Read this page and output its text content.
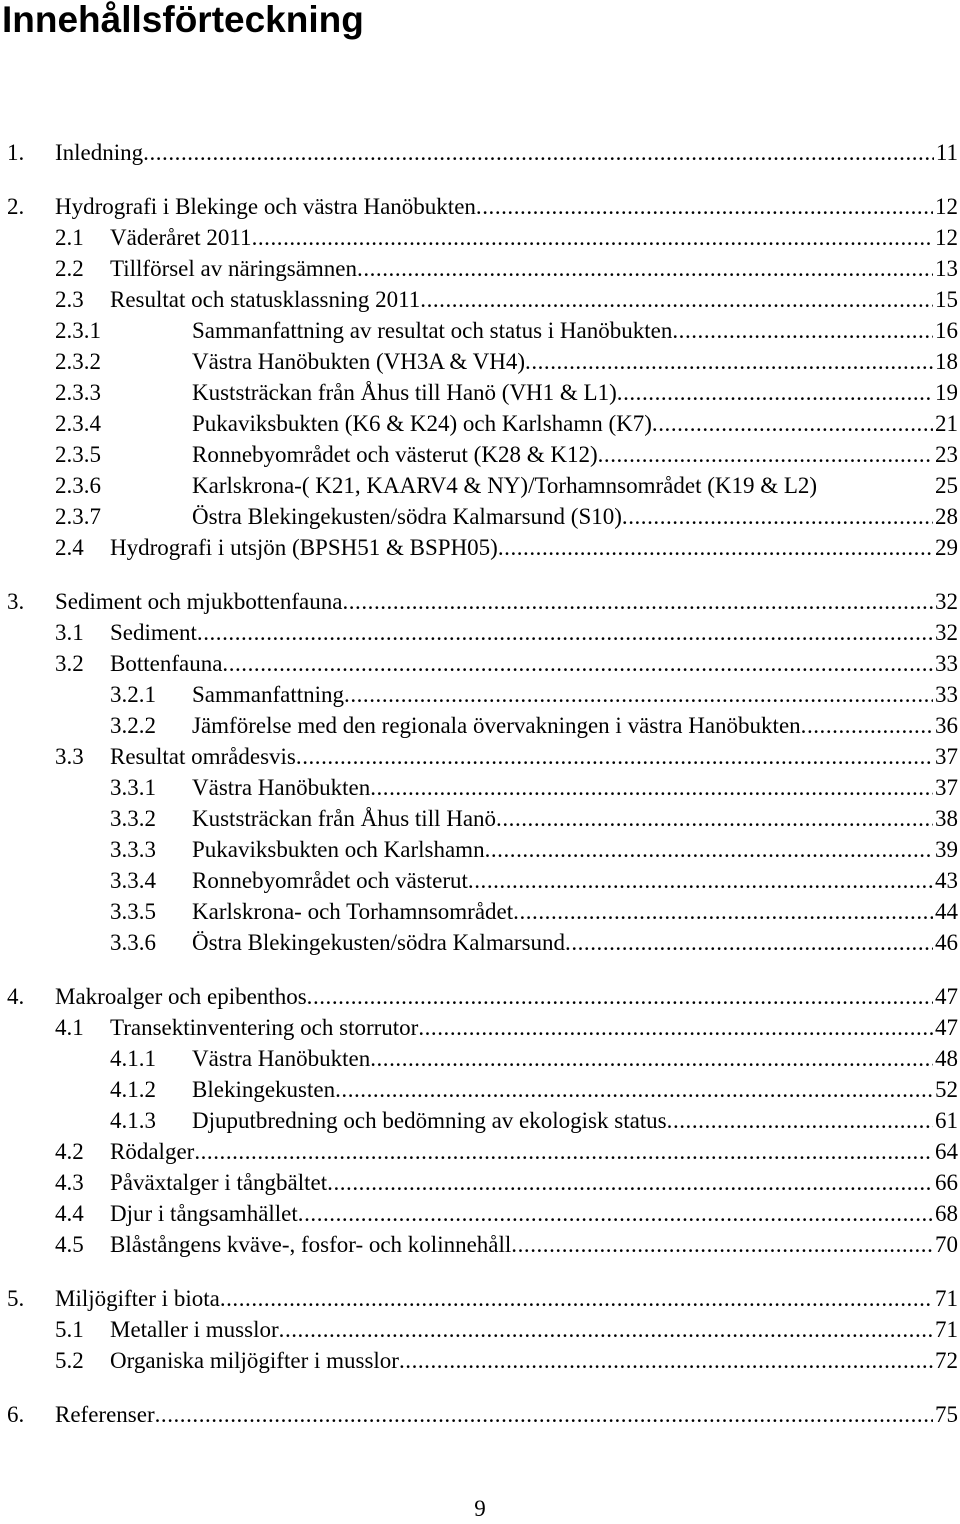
Innehållsförteckning
1. Inledning . . .	11
2. Hydrografi i Blekinge och västra Hanöbukten . . .	12
2.1 Väderåret 2011 . . .	12
2.2 Tillförsel av näringsämnen . . .	13
2.3 Resultat och statusklassning 2011 . . .	15
2.3.1	Sammanfattning av resultat och status i Hanöbukten . . .	16
2.3.2	Västra Hanöbukten (VH3A & VH4) . . .	18
2.3.3	Kuststräckan från Åhus till Hanö (VH1 & L1) . . .	19
2.3.4	Pukaviksbukten (K6 & K24) och Karlshamn (K7) . . .	21
2.3.5	Ronnebyområdet och västerut (K28 & K12) . . .	23
2.3.6	Karlskrona-( K21, KAARV4 & NY)/Torhamnsområdet (K19 & L2)	25
2.3.7	Östra Blekingekusten/södra Kalmarsund (S10) . . .	28
2.4 Hydrografi i utsjön (BPSH51 & BSPH05) . . .	29
3. Sediment och mjukbottenfauna . . .	32
3.1 Sediment . . .	32
3.2 Bottenfauna . . .	33
3.2.1 Sammanfattning . . .	33
3.2.2 Jämförelse med den regionala övervakningen i västra Hanöbukten . . .	36
3.3 Resultat områdesvis . . .	37
3.3.1 Västra Hanöbukten . . .	37
3.3.2 Kuststräckan från Åhus till Hanö . . .	38
3.3.3 Pukaviksbukten och Karlshamn . . .	39
3.3.4 Ronnebyområdet och västerut . . .	43
3.3.5 Karlskrona- och Torhamnsområdet . . .	44
3.3.6 Östra Blekingekusten/södra Kalmarsund . . .	46
4. Makroalger och epibenthos . . .	47
4.1 Transektinventering och storrutor . . .	47
4.1.1 Västra Hanöbukten . . .	48
4.1.2 Blekingekusten . . .	52
4.1.3 Djuputbredning och bedömning av ekologisk status . . .	61
4.2 Rödalger . . .	64
4.3 Påväxtalger i tångbältet . . .	66
4.4 Djur i tångsamhället . . .	68
4.5 Blåstångens kväve-, fosfor- och kolinnehåll . . .	70
5. Miljögifter i biota . . .	71
5.1 Metaller i musslor . . .	71
5.2 Organiska miljögifter i musslor . . .	72
6. Referenser . . .	75
9
